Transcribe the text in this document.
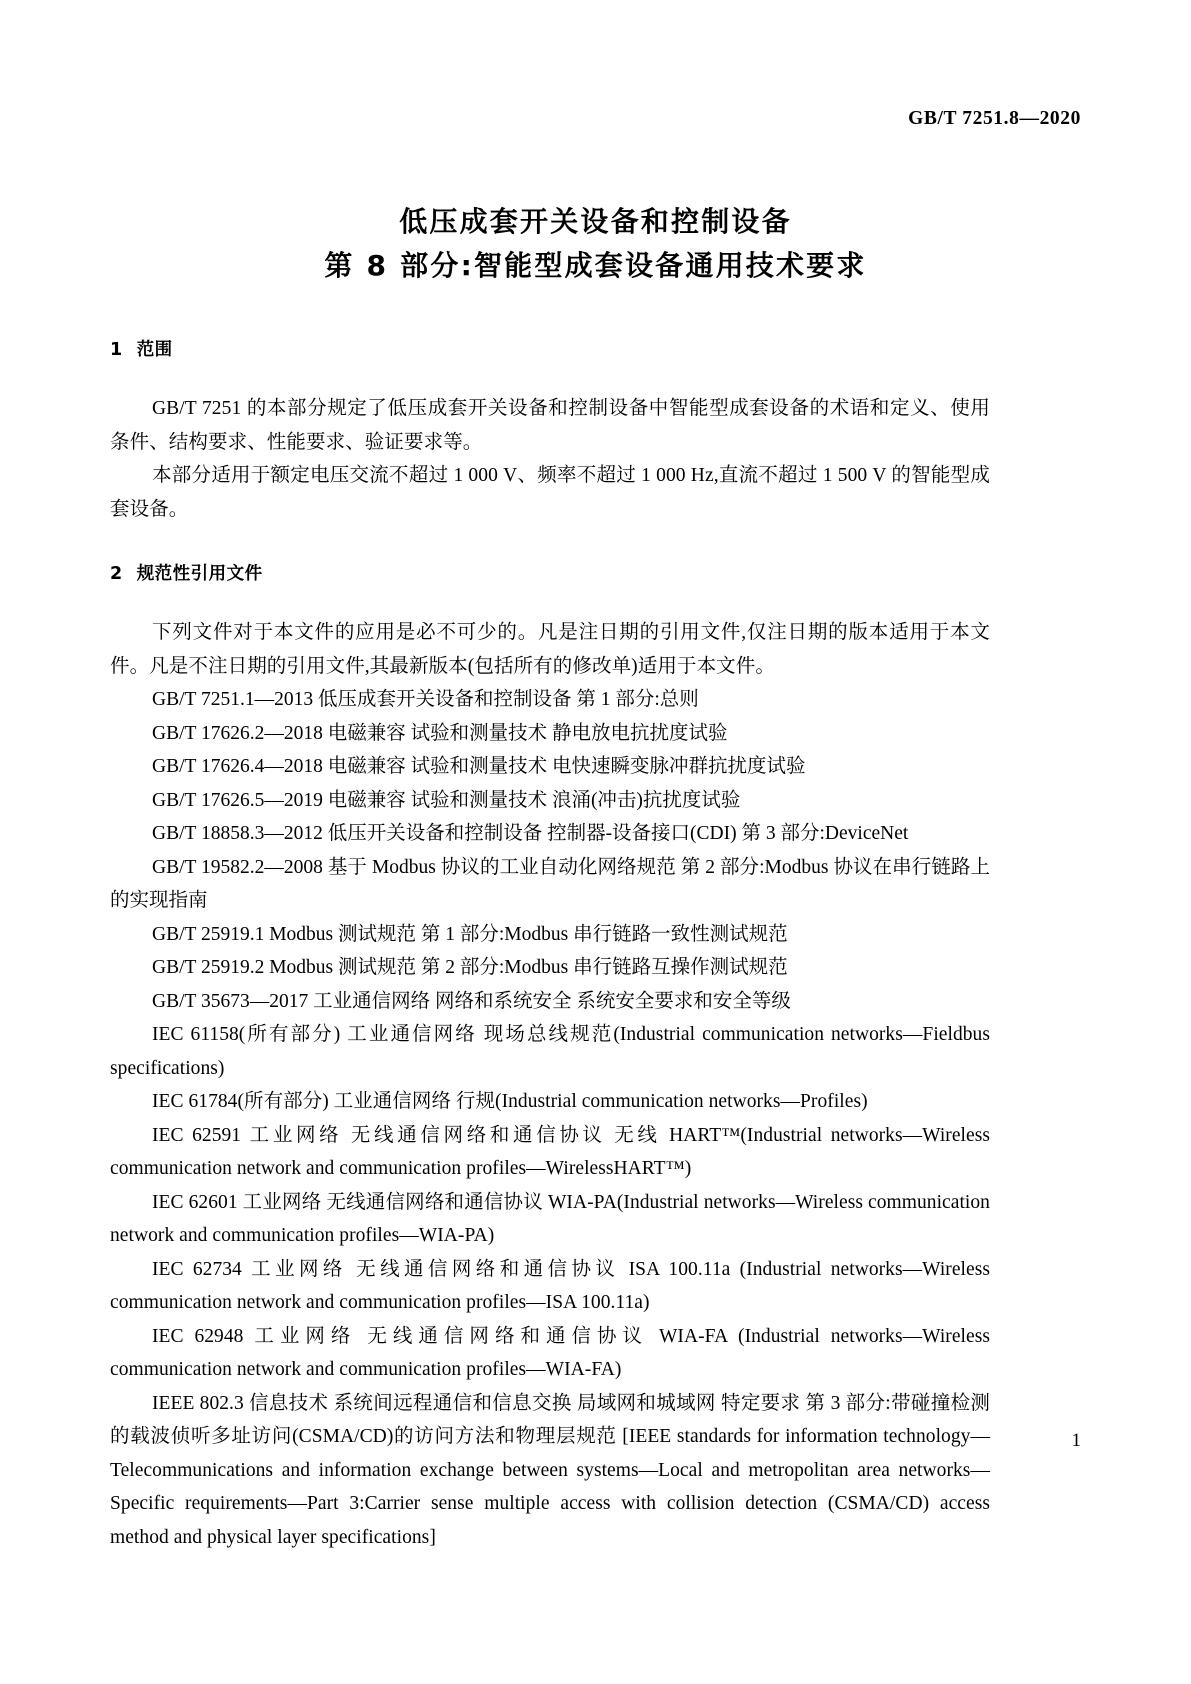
GB/T 7251.8—2020
低压成套开关设备和控制设备
第 8 部分:智能型成套设备通用技术要求
1 范围

GB/T 7251 的本部分规定了低压成套开关设备和控制设备中智能型成套设备的术语和定义、使用条件、结构要求、性能要求、验证要求等。

本部分适用于额定电压交流不超过 1 000 V、频率不超过 1 000 Hz,直流不超过 1 500 V 的智能型成套设备。

2 规范性引用文件

下列文件对于本文件的应用是必不可少的。凡是注日期的引用文件,仅注日期的版本适用于本文件。凡是不注日期的引用文件,其最新版本(包括所有的修改单)适用于本文件。

GB/T 7251.1—2013 低压成套开关设备和控制设备 第 1 部分:总则

GB/T 17626.2—2018 电磁兼容 试验和测量技术 静电放电抗扰度试验

GB/T 17626.4—2018 电磁兼容 试验和测量技术 电快速瞬变脉冲群抗扰度试验

GB/T 17626.5—2019 电磁兼容 试验和测量技术 浪涌(冲击)抗扰度试验

GB/T 18858.3—2012 低压开关设备和控制设备 控制器-设备接口(CDI) 第 3 部分:DeviceNet

GB/T 19582.2—2008 基于 Modbus 协议的工业自动化网络规范 第 2 部分:Modbus 协议在串行链路上的实现指南

GB/T 25919.1 Modbus 测试规范 第 1 部分:Modbus 串行链路一致性测试规范

GB/T 25919.2 Modbus 测试规范 第 2 部分:Modbus 串行链路互操作测试规范

GB/T 35673—2017 工业通信网络 网络和系统安全 系统安全要求和安全等级

IEC 61158(所有部分) 工业通信网络 现场总线规范(Industrial communication networks—Fieldbus specifications)

IEC 61784(所有部分) 工业通信网络 行规(Industrial communication networks—Profiles)

IEC 62591 工业网络 无线通信网络和通信协议 无线 HART™(Industrial networks—Wireless communication network and communication profiles—WirelessHART™)

IEC 62601 工业网络 无线通信网络和通信协议 WIA-PA(Industrial networks—Wireless communication network and communication profiles—WIA-PA)

IEC 62734 工业网络 无线通信网络和通信协议 ISA 100.11a (Industrial networks—Wireless communication network and communication profiles—ISA 100.11a)

IEC 62948 工业网络 无线通信网络和通信协议 WIA-FA (Industrial networks—Wireless communication network and communication profiles—WIA-FA)

IEEE 802.3 信息技术 系统间远程通信和信息交换 局域网和城域网 特定要求 第 3 部分:带碰撞检测的载波侦听多址访问(CSMA/CD)的访问方法和物理层规范 [IEEE standards for information technology—Telecommunications and information exchange between systems—Local and metropolitan area networks—Specific requirements—Part 3:Carrier sense multiple access with collision detection (CSMA/CD) access method and physical layer specifications]

1
